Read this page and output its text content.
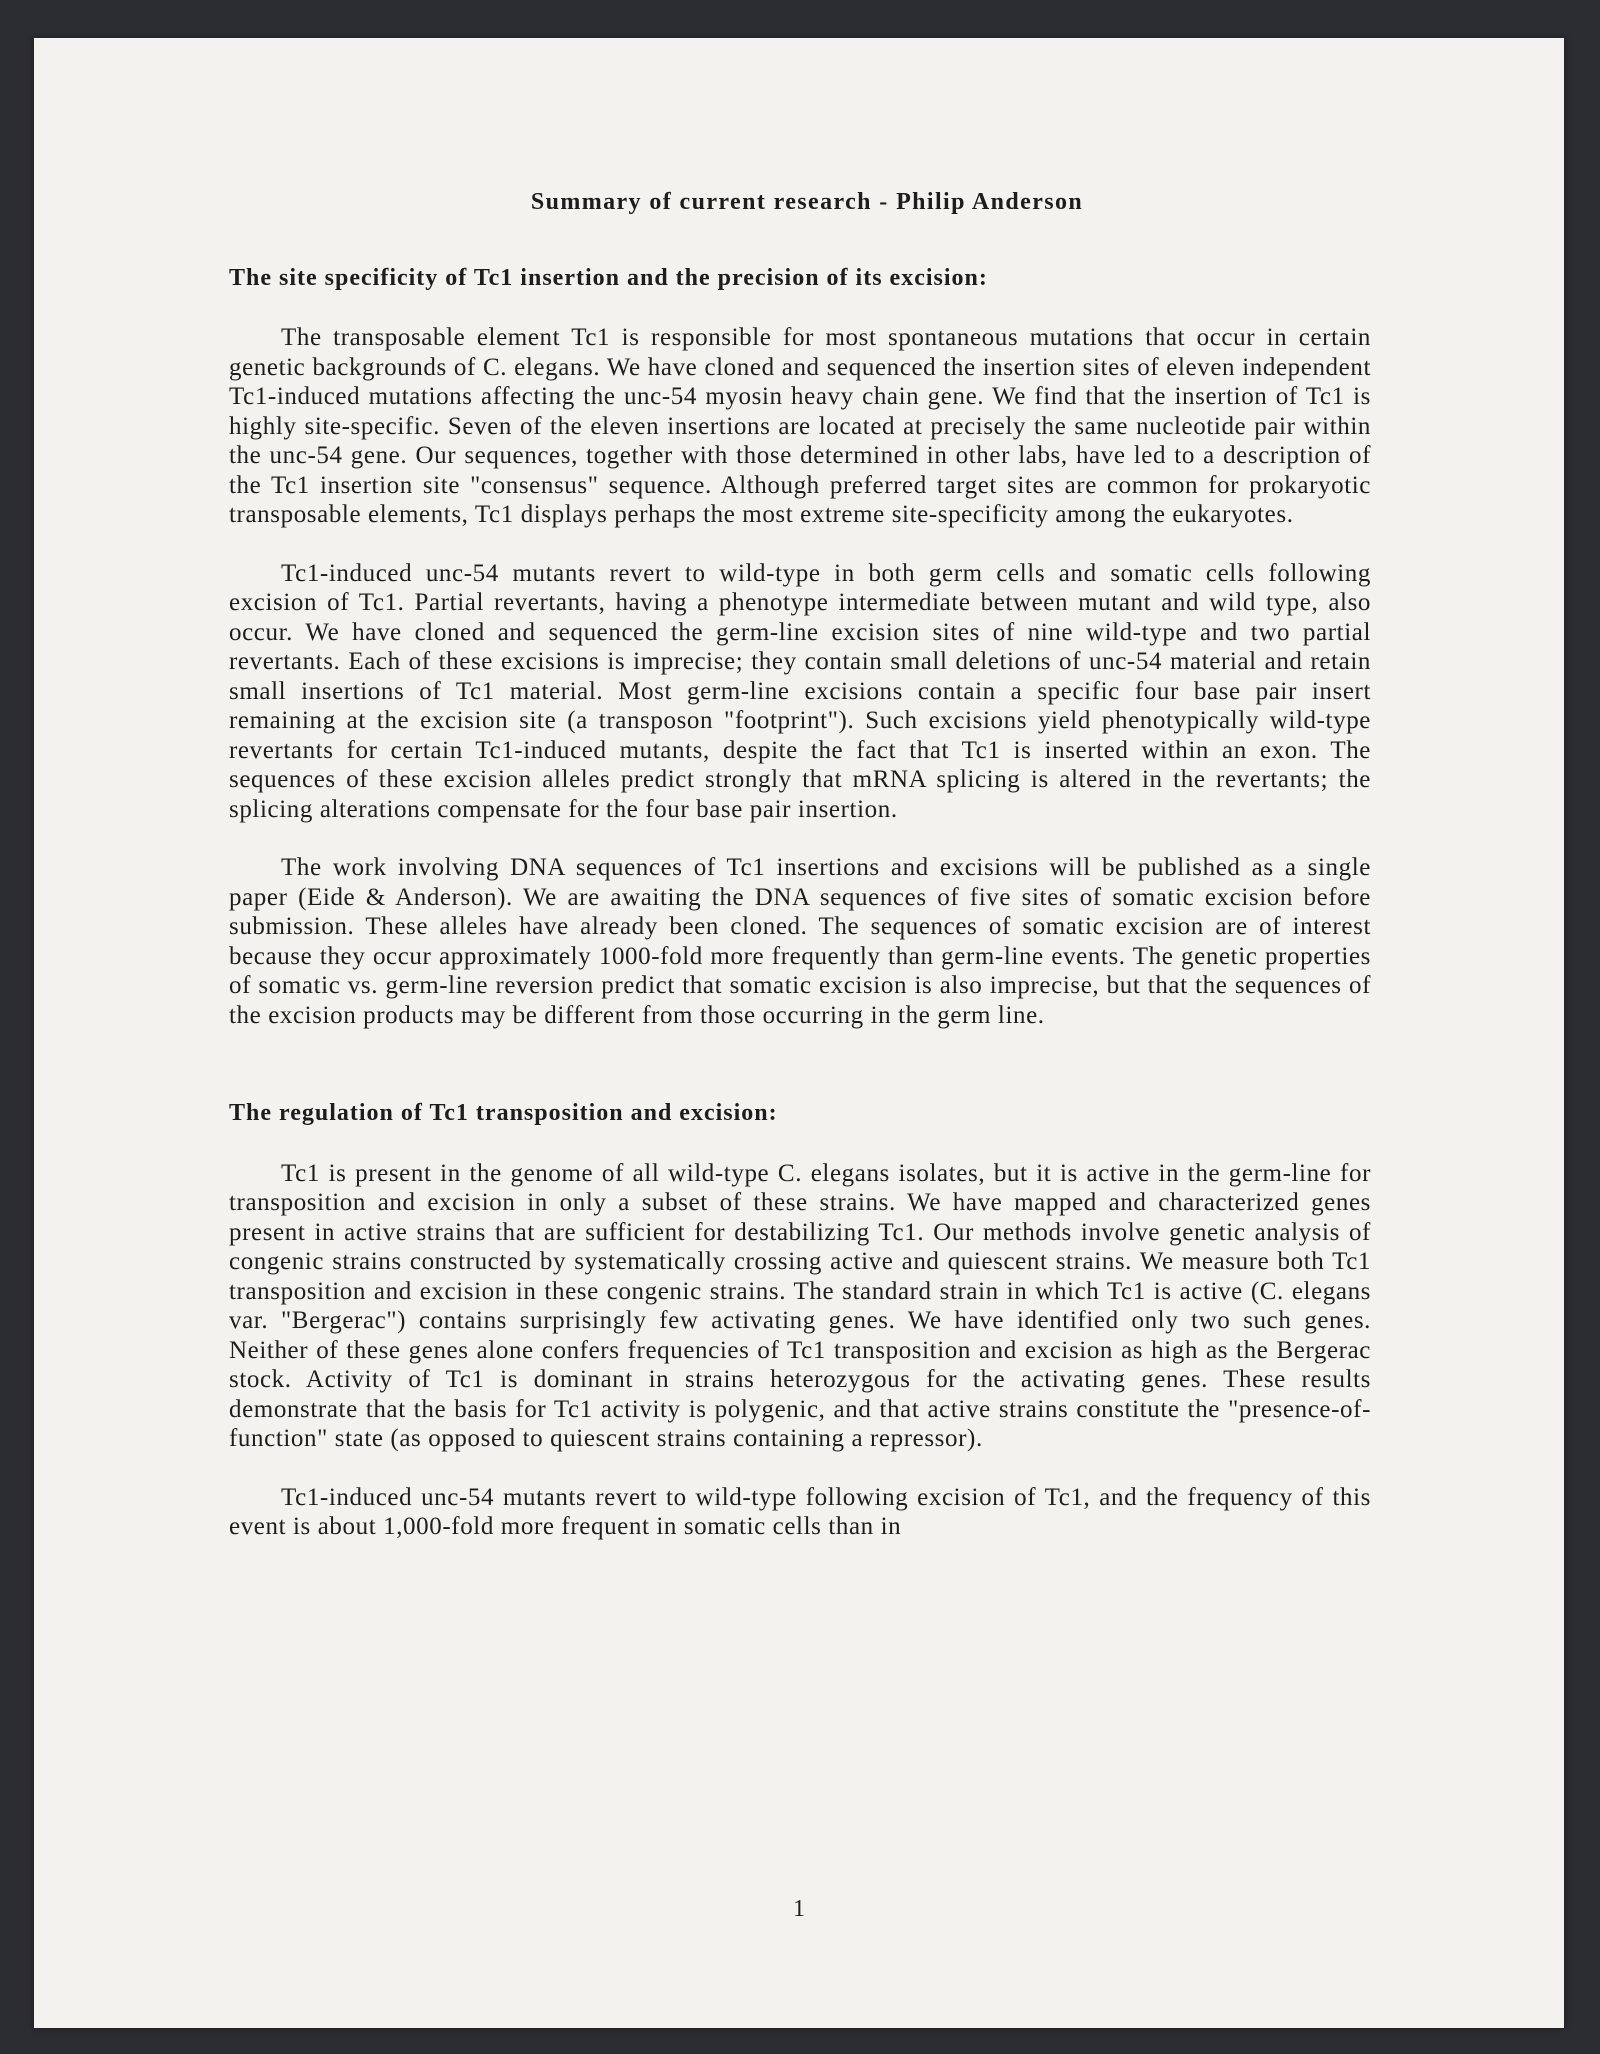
Summary of current research - Philip Anderson
The site specificity of Tc1 insertion and the precision of its excision:

The transposable element Tc1 is responsible for most spontaneous mutations that occur in certain genetic backgrounds of C. elegans. We have cloned and sequenced the insertion sites of eleven independent Tc1-induced mutations affecting the unc-54 myosin heavy chain gene. We find that the insertion of Tc1 is highly site-specific. Seven of the eleven insertions are located at precisely the same nucleotide pair within the unc-54 gene. Our sequences, together with those determined in other labs, have led to a description of the Tc1 insertion site "consensus" sequence. Although preferred target sites are common for prokaryotic transposable elements, Tc1 displays perhaps the most extreme site-specificity among the eukaryotes.

Tc1-induced unc-54 mutants revert to wild-type in both germ cells and somatic cells following excision of Tc1. Partial revertants, having a phenotype intermediate between mutant and wild type, also occur. We have cloned and sequenced the germ-line excision sites of nine wild-type and two partial revertants. Each of these excisions is imprecise; they contain small deletions of unc-54 material and retain small insertions of Tc1 material. Most germ-line excisions contain a specific four base pair insert remaining at the excision site (a transposon "footprint"). Such excisions yield phenotypically wild-type revertants for certain Tc1-induced mutants, despite the fact that Tc1 is inserted within an exon. The sequences of these excision alleles predict strongly that mRNA splicing is altered in the revertants; the splicing alterations compensate for the four base pair insertion.

The work involving DNA sequences of Tc1 insertions and excisions will be published as a single paper (Eide & Anderson). We are awaiting the DNA sequences of five sites of somatic excision before submission. These alleles have already been cloned. The sequences of somatic excision are of interest because they occur approximately 1000-fold more frequently than germ-line events. The genetic properties of somatic vs. germ-line reversion predict that somatic excision is also imprecise, but that the sequences of the excision products may be different from those occurring in the germ line.

The regulation of Tc1 transposition and excision:

Tc1 is present in the genome of all wild-type C. elegans isolates, but it is active in the germ-line for transposition and excision in only a subset of these strains. We have mapped and characterized genes present in active strains that are sufficient for destabilizing Tc1. Our methods involve genetic analysis of congenic strains constructed by systematically crossing active and quiescent strains. We measure both Tc1 transposition and excision in these congenic strains. The standard strain in which Tc1 is active (C. elegans var. "Bergerac") contains surprisingly few activating genes. We have identified only two such genes. Neither of these genes alone confers frequencies of Tc1 transposition and excision as high as the Bergerac stock. Activity of Tc1 is dominant in strains heterozygous for the activating genes. These results demonstrate that the basis for Tc1 activity is polygenic, and that active strains constitute the "presence-of-function" state (as opposed to quiescent strains containing a repressor).

Tc1-induced unc-54 mutants revert to wild-type following excision of Tc1, and the frequency of this event is about 1,000-fold more frequent in somatic cells than in

1
